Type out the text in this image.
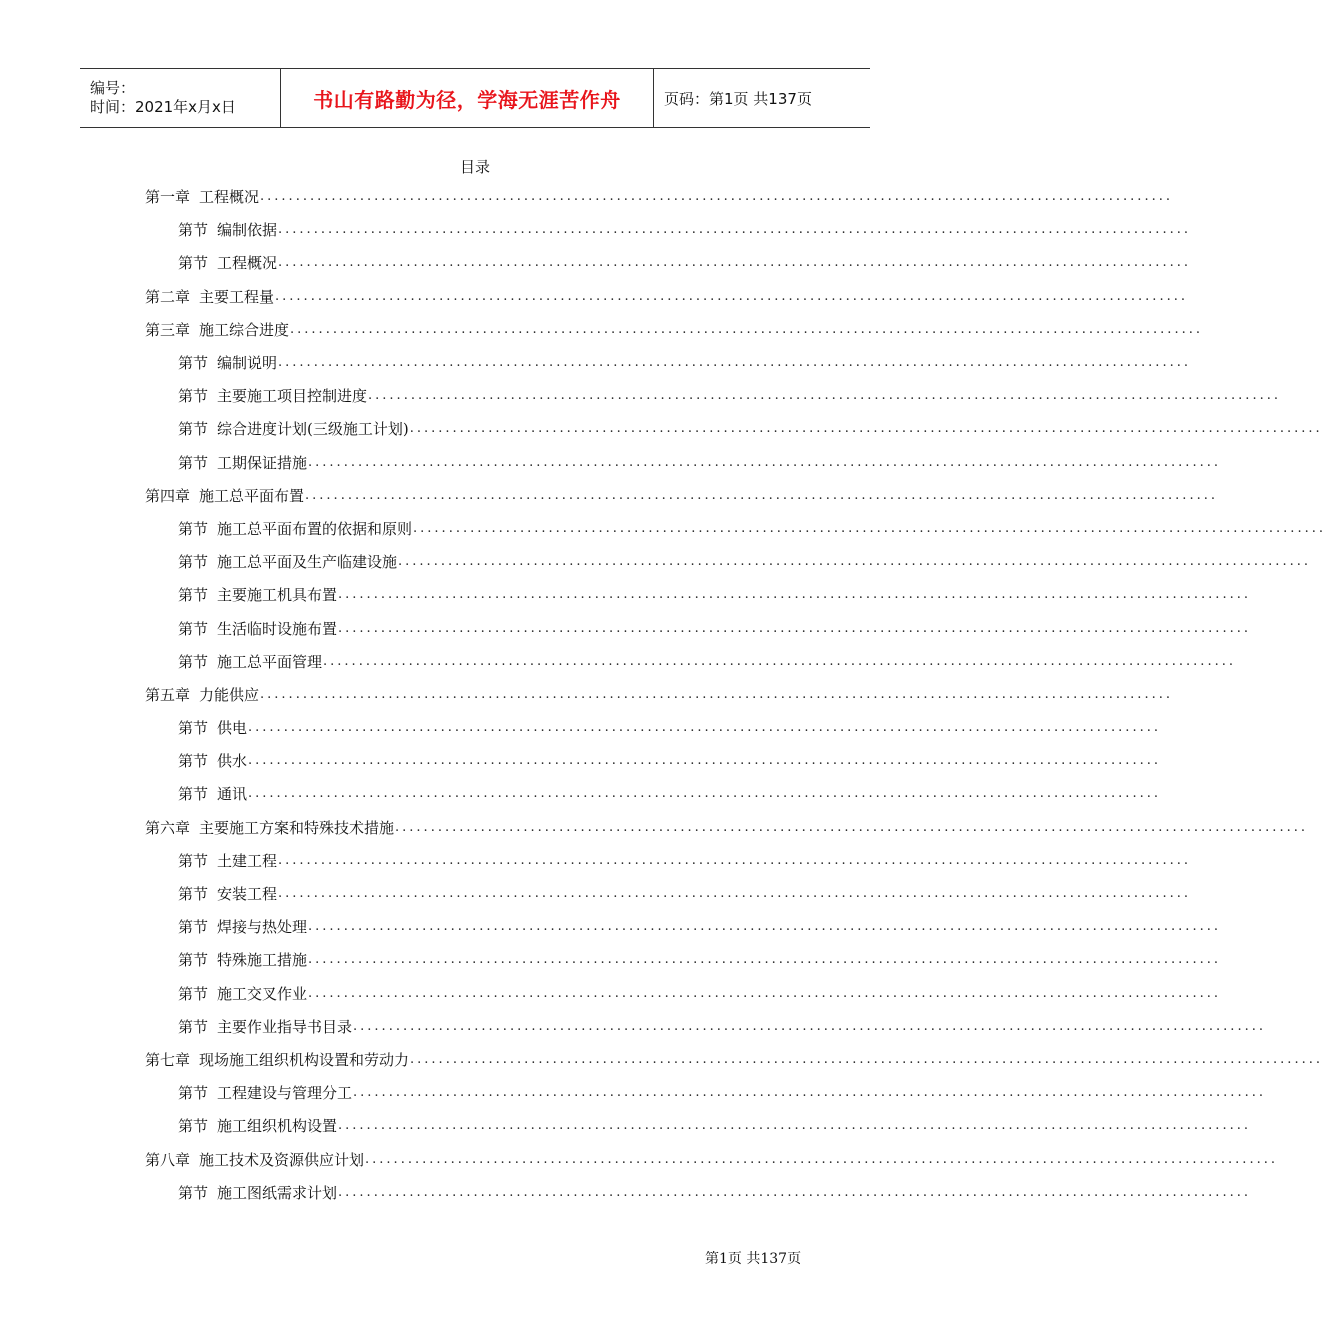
编号：
时间：2021年x月x日	书山有路勤为径，学海无涯苦作舟	页码：第1页 共137页
目录
第一章 工程概况 ................................................................................................................................
第节 编制依据 ................................................................................................................................
第节 工程概况 ................................................................................................................................
第二章 主要工程量 ................................................................................................................................
第三章 施工综合进度 ................................................................................................................................
第节 编制说明 ................................................................................................................................
第节 主要施工项目控制进度 ................................................................................................................................
第节 综合进度计划(三级施工计划) ................................................................................................................................
第节 工期保证措施 ................................................................................................................................
第四章 施工总平面布置 ................................................................................................................................
第节 施工总平面布置的依据和原则 ................................................................................................................................
第节 施工总平面及生产临建设施 ................................................................................................................................
第节 主要施工机具布置 ................................................................................................................................
第节 生活临时设施布置 ................................................................................................................................
第节 施工总平面管理 ................................................................................................................................
第五章 力能供应 ................................................................................................................................
第节 供电 ................................................................................................................................
第节 供水 ................................................................................................................................
第节 通讯 ................................................................................................................................
第六章 主要施工方案和特殊技术措施 ................................................................................................................................
第节 土建工程 ................................................................................................................................
第节 安装工程 ................................................................................................................................
第节 焊接与热处理 ................................................................................................................................
第节 特殊施工措施 ................................................................................................................................
第节 施工交叉作业 ................................................................................................................................
第节 主要作业指导书目录 ................................................................................................................................
第七章 现场施工组织机构设置和劳动力 ................................................................................................................................
第节 工程建设与管理分工 ................................................................................................................................
第节 施工组织机构设置 ................................................................................................................................
第八章 施工技术及资源供应计划 ................................................................................................................................
第节 施工图纸需求计划 ................................................................................................................................
第1页 共137页
